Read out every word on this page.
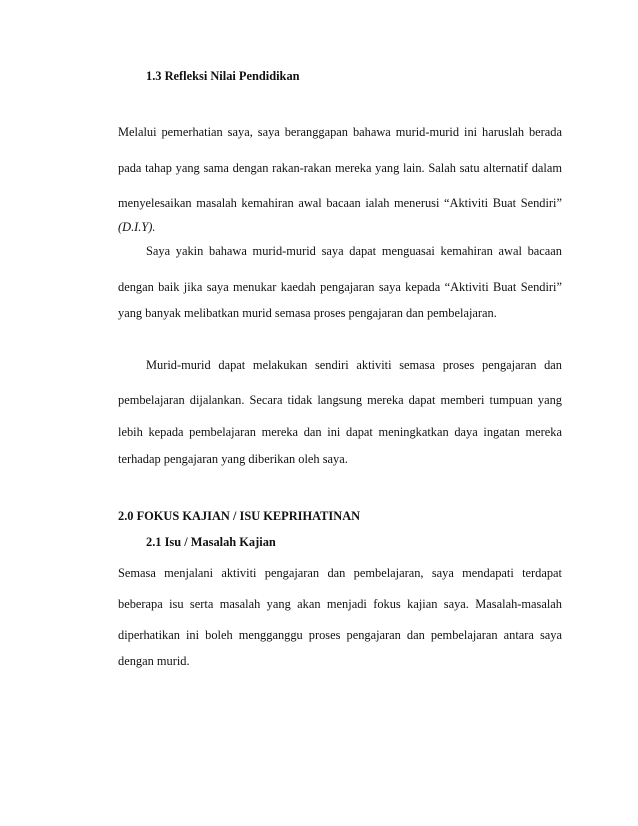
1.3 Refleksi Nilai Pendidikan
Melalui pemerhatian saya, saya beranggapan bahawa murid-murid ini haruslah berada
pada tahap yang sama dengan rakan-rakan mereka yang lain. Salah satu alternatif dalam
menyelesaikan masalah kemahiran awal bacaan ialah menerusi “Aktiviti Buat Sendiri”
(D.I.Y).
Saya yakin bahawa murid-murid saya dapat menguasai kemahiran awal bacaan
dengan baik jika saya menukar kaedah pengajaran saya kepada “Aktiviti Buat Sendiri”
yang banyak melibatkan murid semasa proses pengajaran dan pembelajaran.
Murid-murid dapat melakukan sendiri aktiviti semasa proses pengajaran dan
pembelajaran dijalankan. Secara tidak langsung mereka dapat memberi tumpuan yang
lebih kepada pembelajaran mereka dan ini dapat meningkatkan daya ingatan mereka
terhadap pengajaran yang diberikan oleh saya.
2.0 FOKUS KAJIAN / ISU KEPRIHATINAN
2.1 Isu / Masalah Kajian
Semasa menjalani aktiviti pengajaran dan pembelajaran, saya mendapati terdapat
beberapa isu serta masalah yang akan menjadi fokus kajian saya. Masalah-masalah
diperhatikan ini boleh mengganggu proses pengajaran dan pembelajaran antara saya
dengan murid.
